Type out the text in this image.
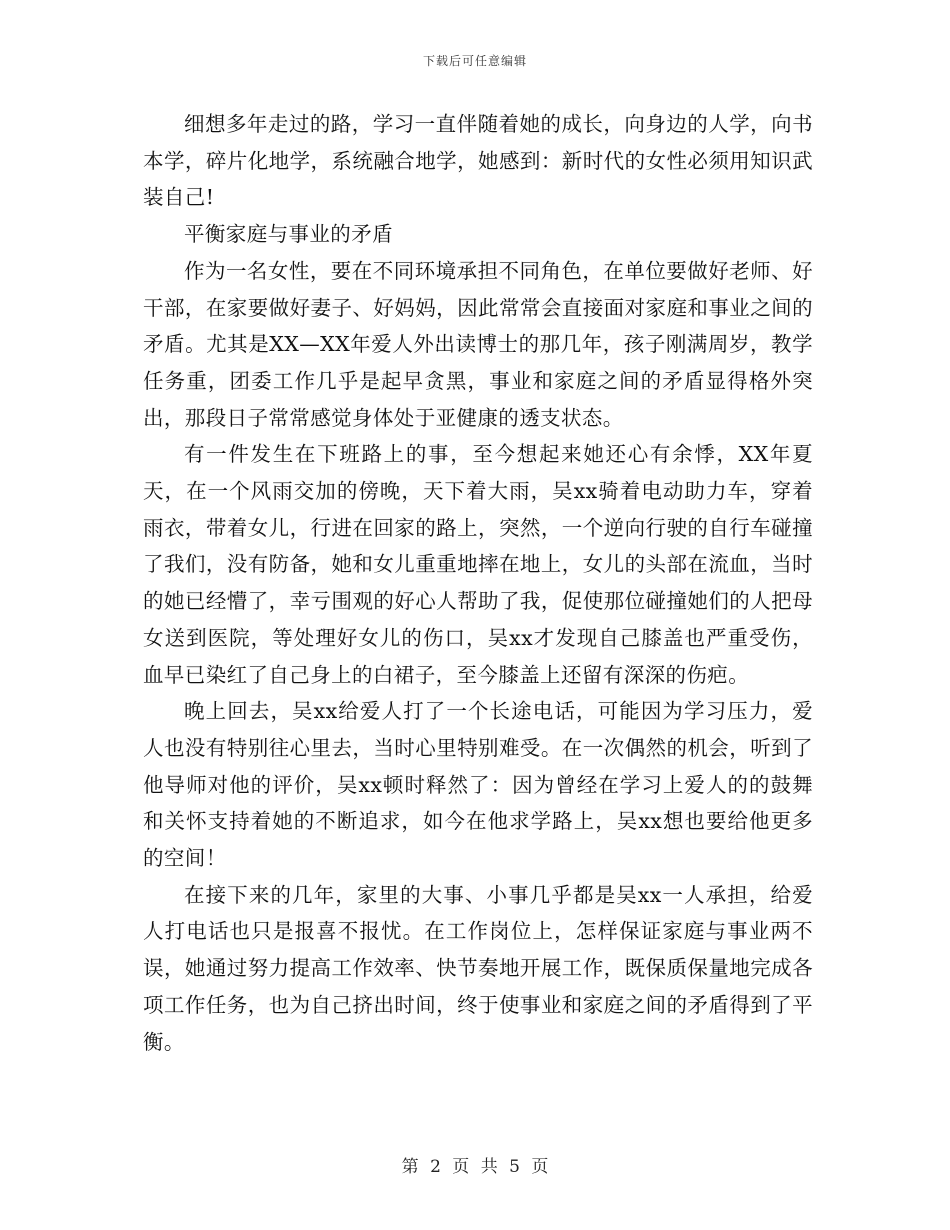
下载后可任意编辑

细想多年走过的路，学习一直伴随着她的成长，向身边的人学，向书本学，碎片化地学，系统融合地学，她感到：新时代的女性必须用知识武装自己!

平衡家庭与事业的矛盾

作为一名女性，要在不同环境承担不同角色，在单位要做好老师、好干部，在家要做好妻子、好妈妈，因此常常会直接面对家庭和事业之间的矛盾。尤其是XX—XX年爱人外出读博士的那几年，孩子刚满周岁，教学任务重，团委工作几乎是起早贪黑，事业和家庭之间的矛盾显得格外突出，那段日子常常感觉身体处于亚健康的透支状态。

有一件发生在下班路上的事，至今想起来她还心有余悸，XX年夏天，在一个风雨交加的傍晚，天下着大雨，吴xx骑着电动助力车，穿着雨衣，带着女儿，行进在回家的路上，突然，一个逆向行驶的自行车碰撞了我们，没有防备，她和女儿重重地摔在地上，女儿的头部在流血，当时的她已经懵了，幸亏围观的好心人帮助了我，促使那位碰撞她们的人把母女送到医院，等处理好女儿的伤口，吴xx才发现自己膝盖也严重受伤，血早已染红了自己身上的白裙子，至今膝盖上还留有深深的伤疤。

晚上回去，吴xx给爱人打了一个长途电话，可能因为学习压力，爱人也没有特别往心里去，当时心里特别难受。在一次偶然的机会，听到了他导师对他的评价，吴xx顿时释然了：因为曾经在学习上爱人的的鼓舞和关怀支持着她的不断追求，如今在他求学路上，吴xx想也要给他更多的空间！

在接下来的几年，家里的大事、小事几乎都是吴xx一人承担，给爱人打电话也只是报喜不报忧。在工作岗位上，怎样保证家庭与事业两不误，她通过努力提高工作效率、快节奏地开展工作，既保质保量地完成各项工作任务，也为自己挤出时间，终于使事业和家庭之间的矛盾得到了平衡。

第 2 页 共 5 页
